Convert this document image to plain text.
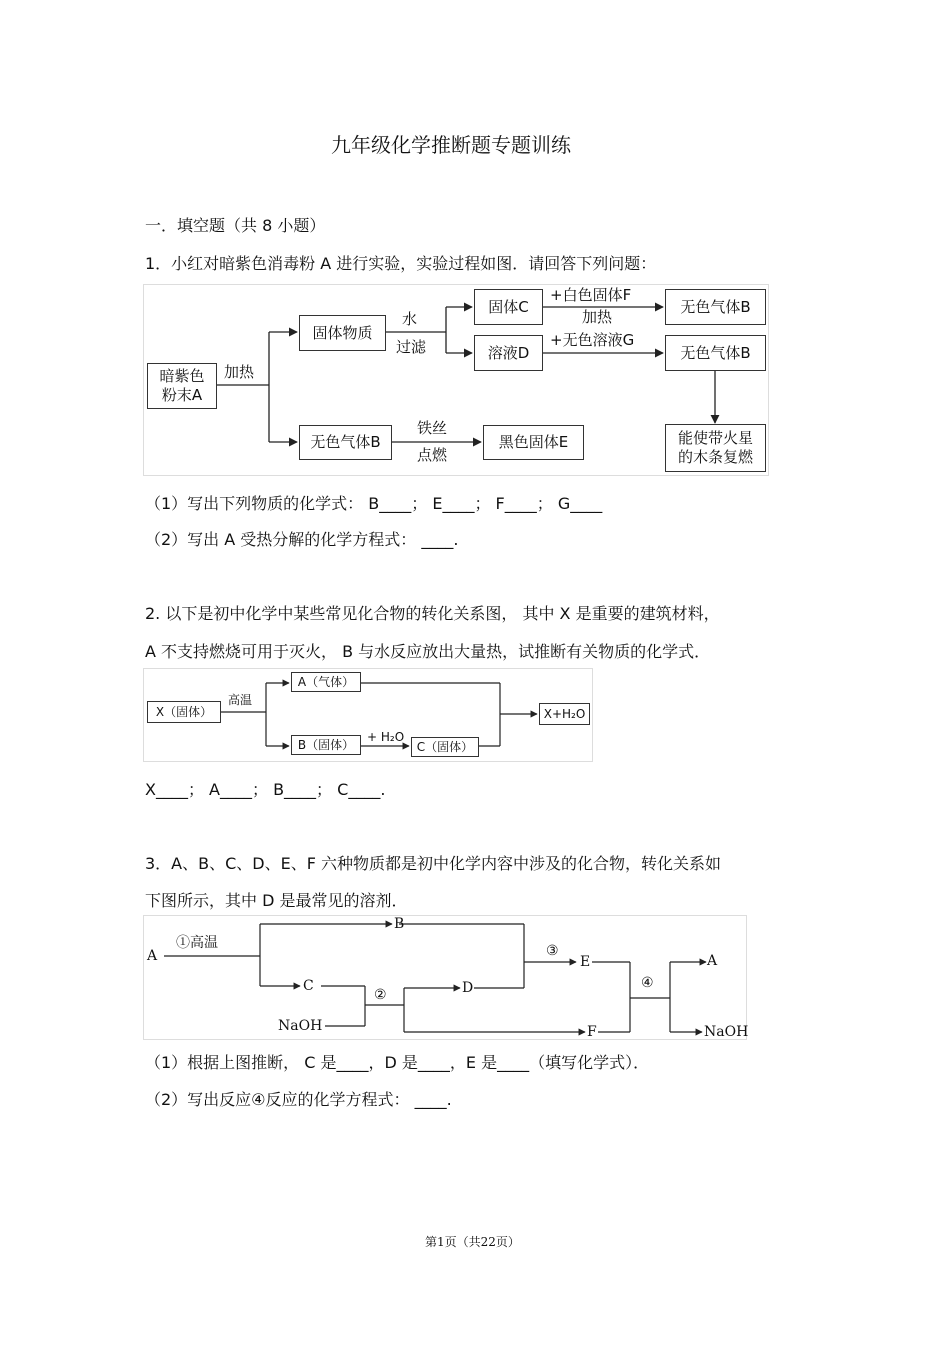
九年级化学推断题专题训练
一．填空题（共 8 小题）
1．小红对暗紫色消毒粉 A 进行实验，实验过程如图．请回答下列问题：
暗紫色
粉末A
加热
固体物质
水
过滤
固体C
溶液D
+白色固体F
加热
+无色溶液G
无色气体B
无色气体B
无色气体B
铁丝
点燃
黑色固体E	能使带火星
的木条复燃
（1）写出下列物质的化学式： B____； E____； F____； G____
（2）写出 A 受热分解的化学方程式： ____.
2. 以下是初中化学中某些常见化合物的转化关系图， 其中 X 是重要的建筑材料，
A 不支持燃烧可用于灭火， B 与水反应放出大量热，试推断有关物质的化学式．
X（固体）
高温
A（气体）
B（固体）
+ H₂O
C（固体）
X+H₂O
X____； A____； B____； C____.
3．A、B、C、D、E、F 六种物质都是初中化学内容中涉及的化合物，转化关系如
下图所示，其中 D 是最常见的溶剂．
A
①高温
B
C
NaOH
②	D
③
E
F
④
A
NaOH
（1）根据上图推断， C 是____，D 是____，E 是____（填写化学式）．
（2）写出反应④反应的化学方程式： ____.
第1页（共22页）
